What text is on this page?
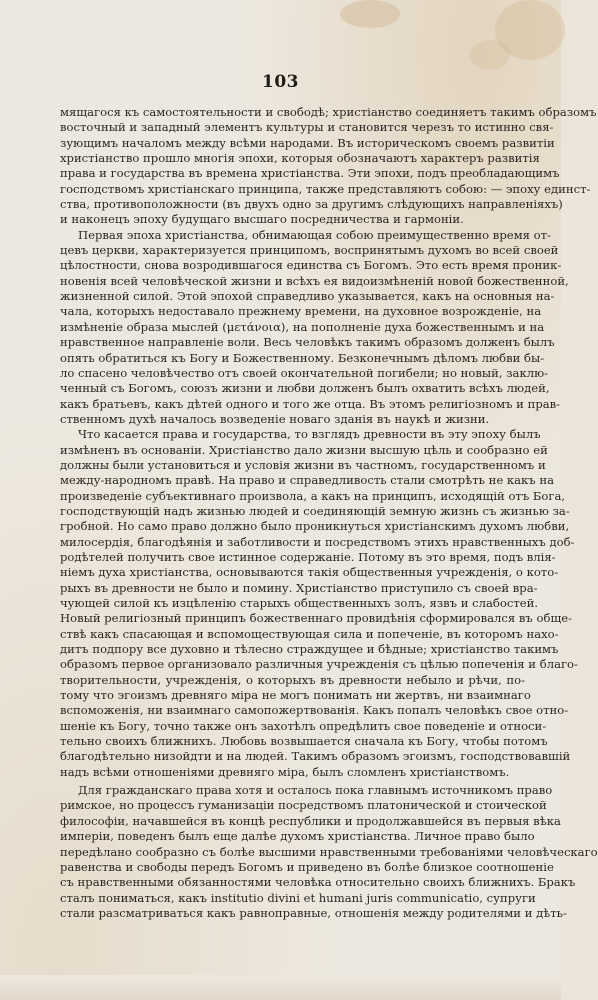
103
мящагося къ самостоятельности и свободѣ; христіанство соединяетъ такимъ образомъ
восточный и западный элементъ культуры и становится черезъ то истинно свя-
зующимъ началомъ между всѣми народами. Въ историческомъ своемъ развитіи
христіанство прошло многія эпохи, которыя обозначаютъ характеръ развитія
права и государства въ времена христіанства. Эти эпохи, подъ преобладающимъ
господствомъ христіанскаго принципа, также представляютъ собою: — эпоху единст-
ства, противоположности (въ двухъ одно за другимъ слѣдующихъ направленіяхъ)
и наконецъ эпоху будущаго высшаго посредничества и гармоніи.
Первая эпоха христіанства, обнимающая собою преимущественно время от-
цевъ церкви, характеризуется принципомъ, воспринятымъ духомъ во всей своей
цѣлостности, снова возродившагося единства съ Богомъ. Это есть время проник-
новенія всей человѣческой жизни и всѣхъ ея видоизмѣненій новой божественной,
жизненной силой. Этой эпохой справедливо указывается, какъ на основныя на-
чала, которыхъ недоставало прежнему времени, на духовное возрожденіе, на
измѣненіе образа мыслей (μετάνοια), на пополненіе духа божественнымъ и на
нравственное направленіе воли. Весь человѣкъ такимъ образомъ долженъ былъ
опять обратиться къ Богу и Божественному. Безконечнымъ дѣломъ любви бы-
ло спасено человѣчество отъ своей окончательной погибели; но новый, заклю-
ченный съ Богомъ, союзъ жизни и любви долженъ былъ охватить всѣхъ людей,
какъ братьевъ, какъ дѣтей одного и того же отца. Въ этомъ религіозномъ и прав-
ственномъ духѣ началось возведеніе новаго зданія въ наукѣ и жизни.
Что касается права и государства, то взглядъ древности въ эту эпоху былъ
измѣненъ въ основаніи. Христіанство дало жизни высшую цѣль и сообразно ей
должны были установиться и условія жизни въ частномъ, государственномъ и
между-народномъ правѣ. На право и справедливость стали смотрѣть не какъ на
произведеніе субъективнаго произвола, а какъ на принципъ, исходящій отъ Бога,
господствующій надъ жизнью людей и соединяющій земную жизнь съ жизнью за-
гробной. Но само право должно было проникнуться христіанскимъ духомъ любви,
милосердія, благодѣянія и заботливости и посредствомъ этихъ нравственныхъ доб-
родѣтелей получить свое истинное содержаніе. Потому въ это время, подъ влія-
ніемъ духа христіанства, основываются такія общественныя учрежденія, о кото-
рыхъ въ древности не было и помину. Христіанство приступило съ своей вра-
чующей силой къ изцѣленію старыхъ общественныхъ золъ, язвъ и слабостей.
Новый религіозный принципъ божественнаго провидѣнія сформировался въ обще-
ствѣ какъ спасающая и вспомоществующая сила и попеченіе, въ которомъ нахо-
дитъ подпору все духовно и тѣлесно страждущее и бѣдные; христіанство такимъ
образомъ первое организовало различныя учрежденія съ цѣлью попеченія и благо-
творительности, учрежденія, о которыхъ въ древности небыло и рѣчи, по-
тому что эгоизмъ древняго міра не могъ понимать ни жертвъ, ни взаимнаго
вспоможенія, ни взаимнаго самопожертвованія. Какъ попалъ человѣкъ свое отно-
шеніе къ Богу, точно также онъ захотѣлъ опредѣлить свое поведеніе и относи-
тельно своихъ ближнихъ. Любовь возвышается сначала къ Богу, чтобы потомъ
благодѣтельно низойдти и на людей. Такимъ образомъ эгоизмъ, господствовавшій
надъ всѣми отношеніями древняго міра, былъ сломленъ христіанствомъ.
Для гражданскаго права хотя и осталось пока главнымъ источникомъ право
римское, но процессъ гуманизаціи посредствомъ платонической и стоической
философіи, начавшейся въ концѣ республики и продолжавшейся въ первыя вѣка
имперіи, поведенъ былъ еще далѣе духомъ христіанства. Личное право было
передѣлано сообразно съ болѣе высшими нравственными требованіями человѣческаго
равенства и свободы передъ Богомъ и приведено въ болѣе близкое соотношеніе
съ нравственными обязанностями человѣка относительно своихъ ближнихъ. Бракъ
сталъ пониматься, какъ institutio divini et humani juris communicatio, супруги
стали разсматриваться какъ равноправные, отношенія между родителями и дѣть-
